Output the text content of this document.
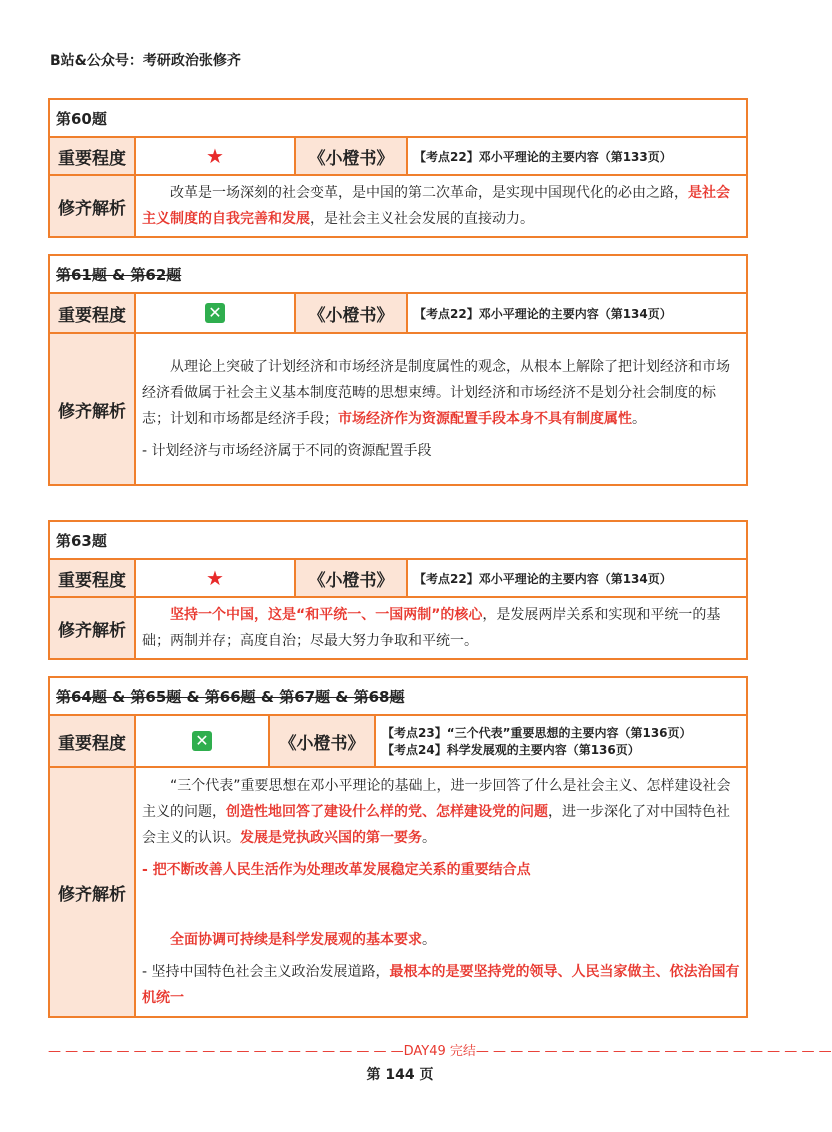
B站&公众号：考研政治张修齐
第60题			
重要程度	★	《小橙书》	【考点22】邓小平理论的主要内容（第133页）
修齐解析	改革是一场深刻的社会变革，是中国的第二次革命，是实现中国现代化的必由之路，是社会主义制度的自我完善和发展，是社会主义社会发展的直接动力。		

第61题 & 第62题			
重要程度	✕	《小橙书》	【考点22】邓小平理论的主要内容（第134页）
修齐解析	从理论上突破了计划经济和市场经济是制度属性的观念，从根本上解除了把计划经济和市场经济看做属于社会主义基本制度范畴的思想束缚。计划经济和市场经济不是划分社会制度的标志；计划和市场都是经济手段；市场经济作为资源配置手段本身不具有制度属性。

- 计划经济与市场经济属于不同的资源配置手段		

第63题			
重要程度	★	《小橙书》	【考点22】邓小平理论的主要内容（第134页）
修齐解析	坚持一个中国，这是“和平统一、一国两制”的核心，是发展两岸关系和实现和平统一的基础；两制并存；高度自治；尽最大努力争取和平统一。		

第64题 & 第65题 & 第66题 & 第67题 & 第68题			
重要程度	✕	《小橙书》	【考点23】“三个代表”重要思想的主要内容（第136页）
【考点24】科学发展观的主要内容（第136页）

修齐解析	“三个代表”重要思想在邓小平理论的基础上，进一步回答了什么是社会主义、怎样建设社会主义的问题，创造性地回答了建设什么样的党、怎样建设党的问题，进一步深化了对中国特色社会主义的认识。发展是党执政兴国的第一要务。

- 把不断改善人民生活作为处理改革发展稳定关系的重要结合点

全面协调可持续是科学发展观的基本要求。

- 坚持中国特色社会主义政治发展道路，最根本的是要坚持党的领导、人民当家做主、依法治国有机统一		

— — — — — — — — — — — — — — — — — — — — —DAY49 完结— — — — — — — — — — — — — — — — — — — — —
第 144 页
